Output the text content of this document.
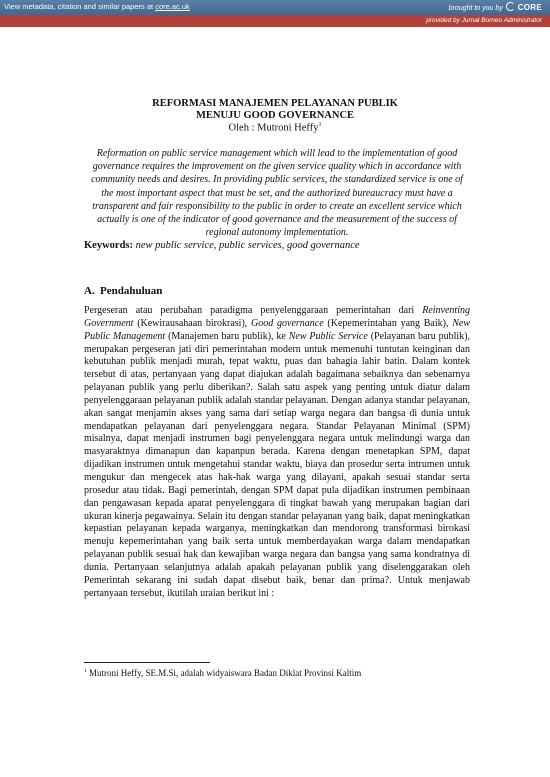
View metadata, citation and similar papers at core.ac.uk	brought to you by CORE
provided by Jurnal Borneo Administrator
REFORMASI MANAJEMEN PELAYANAN PUBLIK
MENUJU GOOD GOVERNANCE
Oleh : Mutroni Heffy$^1$

Reformation on public service management which will lead to the implementation of good governance requires the improvement on the given service quality which in accordance with community needs and desires. In providing public services, the standardized service is one of the most important aspect that must be set, and the authorized bureaucracy must have a transparent and fair responsibility to the public in order to create an excellent service which actually is one of the indicator of good governance and the measurement of the success of regional autonomy implementation.

Keywords: new public service, public services, good governance
A. Pendahuluan

Pergeseran atau perubahan paradigma penyelenggaraan pemerintahan dari Reinventing Government (Kewirausahaan birokrasi), Good governance (Kepemerintahan yang Baik), New Public Management (Manajemen baru publik), ke New Public Service (Pelayanan baru publik), merupakan pergeseran jati diri pemerintahan modern untuk memenuhi tuntutan keinginan dan kebutuhan publik menjadi murah, tepat waktu, puas dan bahagia lahir batin. Dalam kontek tersebut di atas, pertanyaan yang dapat diajukan adalah bagaimana sebaiknya dan sebenarnya pelayanan publik yang perlu diberikan?. Salah satu aspek yang penting untuk diatur dalam penyelenggaraan pelayanan publik adalah standar pelayanan. Dengan adanya standar pelayanan, akan sangat menjamin akses yang sama dari setiap warga negara dan bangsa di dunia untuk mendapatkan pelayanan dari penyelenggara negara. Standar Pelayanan Minimal (SPM) misalnya, dapat menjadi instrumen bagi penyelenggara negara untuk melindungi warga dan masyaraktnya dimanapun dan kapanpun berada. Karena dengan menetapkan SPM, dapat dijadikan instrumen untuk mengetahui standar waktu, biaya dan prosedur serta intrumen untuk mengukur dan mengecek atas hak-hak warga yang dilayani, apakah sesuai standar serta prosedur atau tidak. Bagi pemerintah, dengan SPM dapat pula dijadikan instrumen pembinaan dan pengawasan kepada aparat penyelenggara di tingkat bawah yang merupakan bagian dari ukuran kinerja pegawainya. Selain itu dengan standar pelayanan yang baik, dapat meningkatkan kepastian pelayanan kepada warganya, meningkatkan dan mendorong transformasi birokasi menuju kepemerintahan yang baik serta untuk memberdayakan warga dalam mendapatkan pelayanan publik sesuai hak dan kewajiban warga negara dan bangsa yang sama kondratnya di dunia. Pertanyaan selanjutnya adalah apakah pelayanan publik yang diselenggarakan oleh Pemerintah sekarang ini sudah dapat disebut baik, benar dan prima?. Untuk menjawab pertanyaan tersebut, ikutilah uraian berikut ini :

$^1$ Mutroni Heffy, SE.M.Si, adalah widyaiswara Badan Diklat Provinsi Kaltim
